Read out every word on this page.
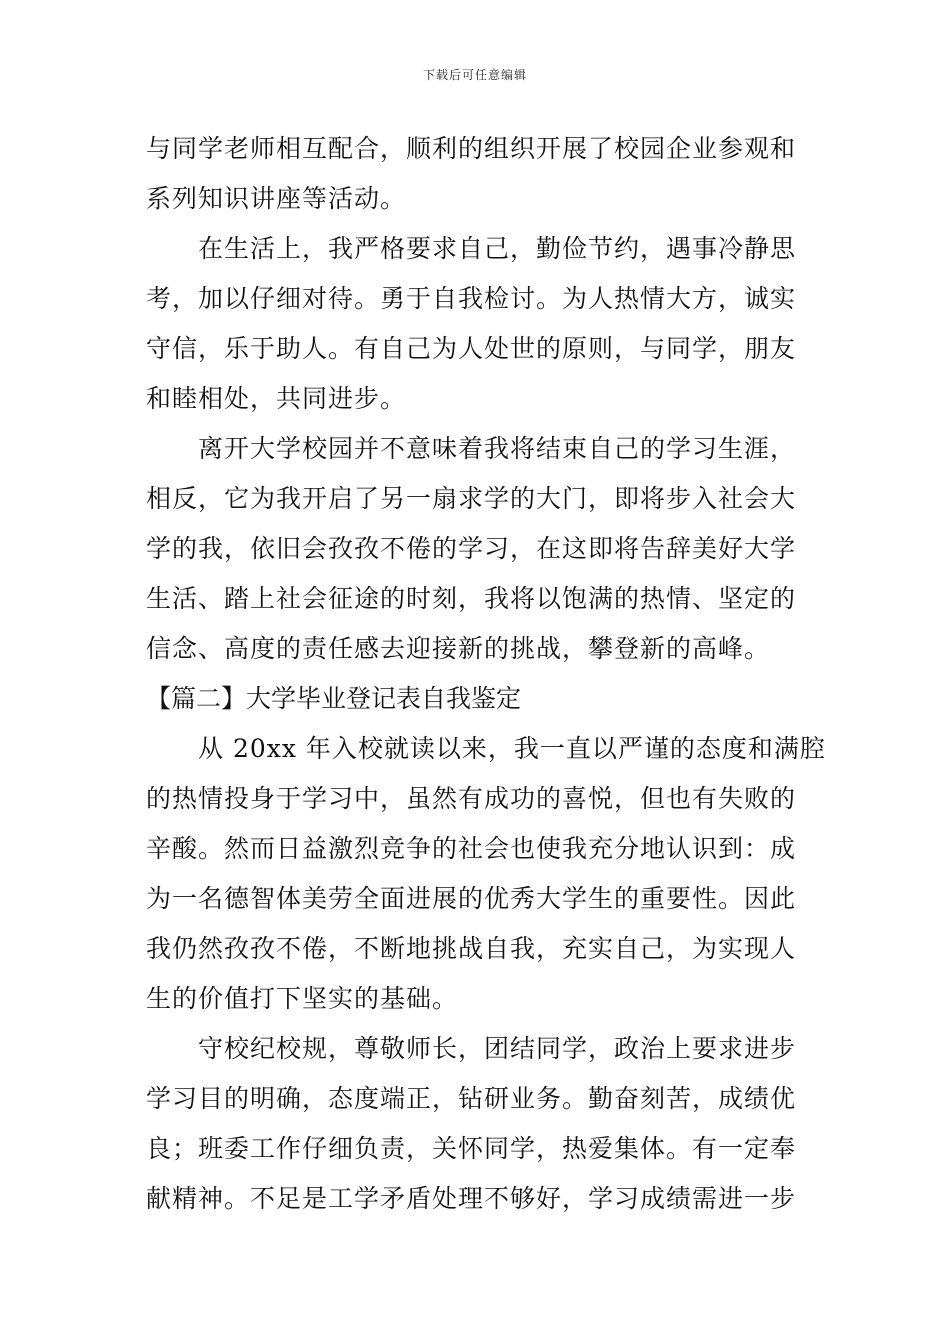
下载后可任意编辑
与同学老师相互配合，顺利的组织开展了校园企业参观和
系列知识讲座等活动。
在生活上，我严格要求自己，勤俭节约，遇事冷静思
考，加以仔细对待。勇于自我检讨。为人热情大方，诚实
守信，乐于助人。有自己为人处世的原则，与同学，朋友
和睦相处，共同进步。
离开大学校园并不意味着我将结束自己的学习生涯，
相反，它为我开启了另一扇求学的大门，即将步入社会大
学的我，依旧会孜孜不倦的学习，在这即将告辞美好大学
生活、踏上社会征途的时刻，我将以饱满的热情、坚定的
信念、高度的责任感去迎接新的挑战，攀登新的高峰。
【篇二】大学毕业登记表自我鉴定
从 20xx 年入校就读以来，我一直以严谨的态度和满腔
的热情投身于学习中，虽然有成功的喜悦，但也有失败的
辛酸。然而日益激烈竞争的社会也使我充分地认识到：成
为一名德智体美劳全面进展的优秀大学生的重要性。因此
我仍然孜孜不倦，不断地挑战自我，充实自己，为实现人
生的价值打下坚实的基础。
守校纪校规，尊敬师长，团结同学，政治上要求进步
学习目的明确，态度端正，钻研业务。勤奋刻苦，成绩优
良；班委工作仔细负责，关怀同学，热爱集体。有一定奉
献精神。不足是工学矛盾处理不够好，学习成绩需进一步
